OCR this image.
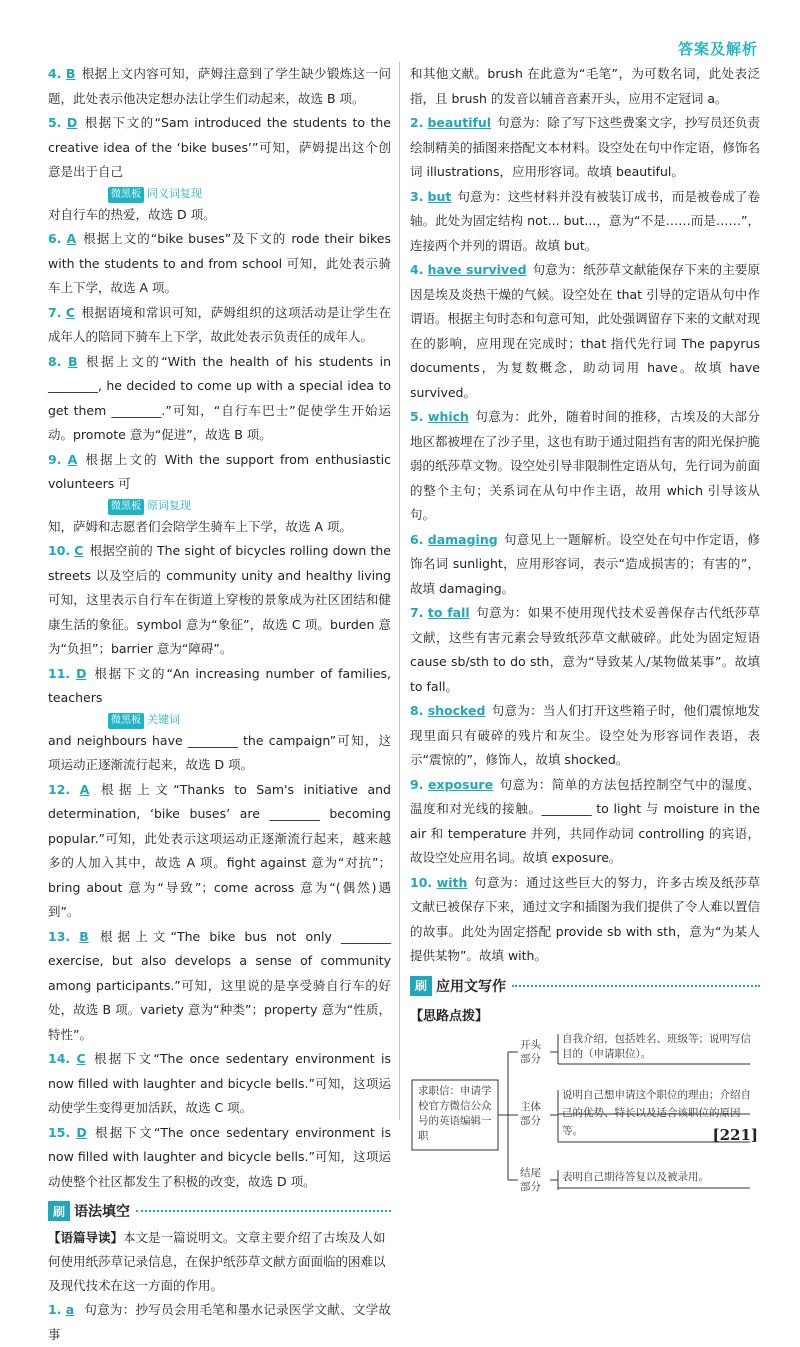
答案及解析
4. B 根据上文内容可知，萨姆注意到了学生缺少锻炼这一问题，此处表示他决定想办法让学生们动起来，故选 B 项。
5. D 根据下文的“Sam introduced the students to the creative idea of the ‘bike buses’”可知，萨姆提出这个创意是出于自己
微黑板 同义词复现
对自行车的热爱，故选 D 项。
6. A 根据上文的“bike buses”及下文的 rode their bikes with the students to and from school 可知，此处表示骑车上下学，故选 A 项。
7. C 根据语境和常识可知，萨姆组织的这项活动是让学生在成年人的陪同下骑车上下学，故此处表示负责任的成年人。
8. B 根据上文的“With the health of his students in ________, he decided to come up with a special idea to get them ________.”可知，“自行车巴士”促使学生开始运动。promote 意为“促进”，故选 B 项。
9. A 根据上文的 With the support from enthusiastic volunteers 可
微黑板 原词复现
知，萨姆和志愿者们会陪学生骑车上下学，故选 A 项。
10. C 根据空前的 The sight of bicycles rolling down the streets 以及空后的 community unity and healthy living 可知，这里表示自行车在街道上穿梭的景象成为社区团结和健康生活的象征。symbol 意为“象征”，故选 C 项。burden 意为“负担”；barrier 意为“障碍”。
11. D 根据下文的“An increasing number of families, teachers
微黑板 关键词
and neighbours have ________ the campaign”可知，这项运动正逐渐流行起来，故选 D 项。
12. A 根据上文“Thanks to Sam's initiative and determination, ‘bike buses’ are ________ becoming popular.”可知，此处表示这项运动正逐渐流行起来，越来越多的人加入其中，故选 A 项。fight against 意为“对抗”；bring about 意为“导致”；come across 意为“(偶然)遇到”。
13. B 根据上文“The bike bus not only ________ exercise, but also develops a sense of community among participants.”可知，这里说的是享受骑自行车的好处，故选 B 项。variety 意为“种类”；property 意为“性质，特性”。
14. C 根据下文“The once sedentary environment is now filled with laughter and bicycle bells.”可知，这项运动使学生变得更加活跃，故选 C 项。
15. D 根据下文“The once sedentary environment is now filled with laughter and bicycle bells.”可知，这项运动使整个社区都发生了积极的改变，故选 D 项。
刷 语法填空
【语篇导读】本文是一篇说明文。文章主要介绍了古埃及人如何使用纸莎草记录信息，在保护纸莎草文献方面面临的困难以及现代技术在这一方面的作用。
1. a 句意为：抄写员会用毛笔和墨水记录医学文献、文学故事
和其他文献。brush 在此意为“毛笔”，为可数名词，此处表泛指，且 brush 的发音以辅音音素开头，应用不定冠词 a。
2. beautiful 句意为：除了写下这些费案文字，抄写员还负责绘制精美的插图来搭配文本材料。设空处在句中作定语，修饰名词 illustrations，应用形容词。故填 beautiful。
3. but 句意为：这些材料并没有被装订成书，而是被卷成了卷轴。此处为固定结构 not... but...，意为“不是……而是……”，连接两个并列的谓语。故填 but。
4. have survived 句意为：纸莎草文献能保存下来的主要原因是埃及炎热干燥的气候。设空处在 that 引导的定语从句中作谓语。根据主句时态和句意可知，此处强调留存下来的文献对现在的影响，应用现在完成时；that 指代先行词 The papyrus documents，为复数概念，助动词用 have。故填 have survived。
5. which 句意为：此外，随着时间的推移，古埃及的大部分地区都被埋在了沙子里，这也有助于通过阻挡有害的阳光保护脆弱的纸莎草文物。设空处引导非限制性定语从句，先行词为前面的整个主句；关系词在从句中作主语，故用 which 引导该从句。
6. damaging 句意见上一题解析。设空处在句中作定语，修饰名词 sunlight，应用形容词，表示“造成损害的；有害的”，故填 damaging。
7. to fall 句意为：如果不使用现代技术妥善保存古代纸莎草文献，这些有害元素会导致纸莎草文献破碎。此处为固定短语 cause sb/sth to do sth，意为“导致某人/某物做某事”。故填 to fall。
8. shocked 句意为：当人们打开这些箱子时，他们震惊地发现里面只有破碎的残片和灰尘。设空处为形容词作表语，表示“震惊的”，修饰人，故填 shocked。
9. exposure 句意为：简单的方法包括控制空气中的湿度、温度和对光线的接触。________ to light 与 moisture in the air 和 temperature 并列，共同作动词 controlling 的宾语，故设空处应用名词。故填 exposure。
10. with 句意为：通过这些巨大的努力，许多古埃及纸莎草文献已被保存下来，通过文字和插图为我们提供了令人难以置信的故事。此处为固定搭配 provide sb with sth，意为“为某人提供某物”。故填 with。
刷 应用文写作
【思路点拨】
求职信：申请学校官方微信公众号的英语编辑一职
开头部分
自我介绍，包括姓名、班级等；说明写信目的（申请职位）。
主体部分
说明自己想申请这个职位的理由；介绍自己的优势、特长以及适合该职位的原因等。
结尾部分
表明自己期待答复以及被录用。
[221]
